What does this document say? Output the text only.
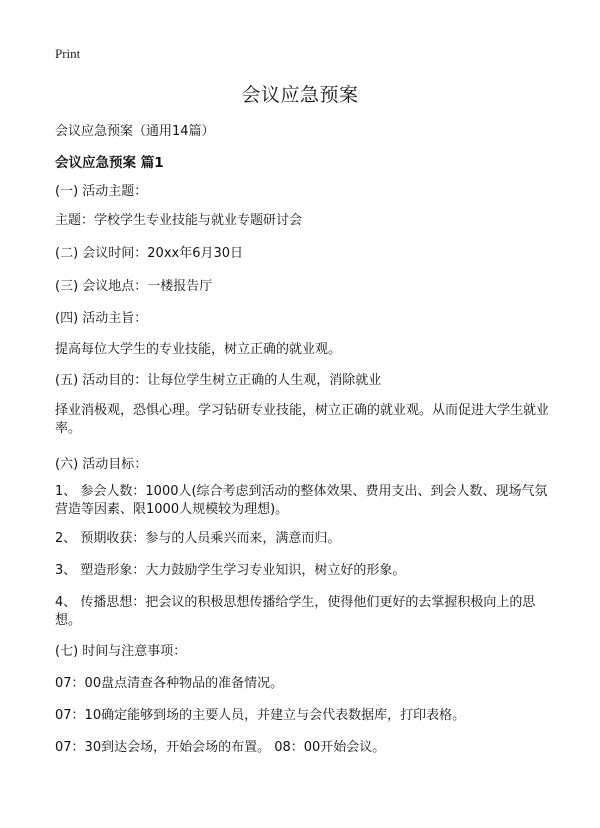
Print
会议应急预案
会议应急预案（通用14篇）
会议应急预案 篇1
(一) 活动主题：
主题：学校学生专业技能与就业专题研讨会
(二) 会议时间：20xx年6月30日
(三) 会议地点：一楼报告厅
(四) 活动主旨：
提高每位大学生的专业技能，树立正确的就业观。
(五) 活动目的：让每位学生树立正确的人生观，消除就业
择业消极观，恐惧心理。学习钻研专业技能，树立正确的就业观。从而促进大学生就业率。
(六) 活动目标：
1、 参会人数：1000人(综合考虑到活动的整体效果、费用支出、到会人数、现场气氛营造等因素、限1000人规模较为理想)。
2、 预期收获：参与的人员乘兴而来，满意而归。
3、 塑造形象：大力鼓励学生学习专业知识，树立好的形象。
4、 传播思想：把会议的积极思想传播给学生，使得他们更好的去掌握积极向上的思想。
(七) 时间与注意事项：
07：00盘点清查各种物品的准备情况。
07：10确定能够到场的主要人员，并建立与会代表数据库，打印表格。
07：30到达会场，开始会场的布置。 08：00开始会议。
